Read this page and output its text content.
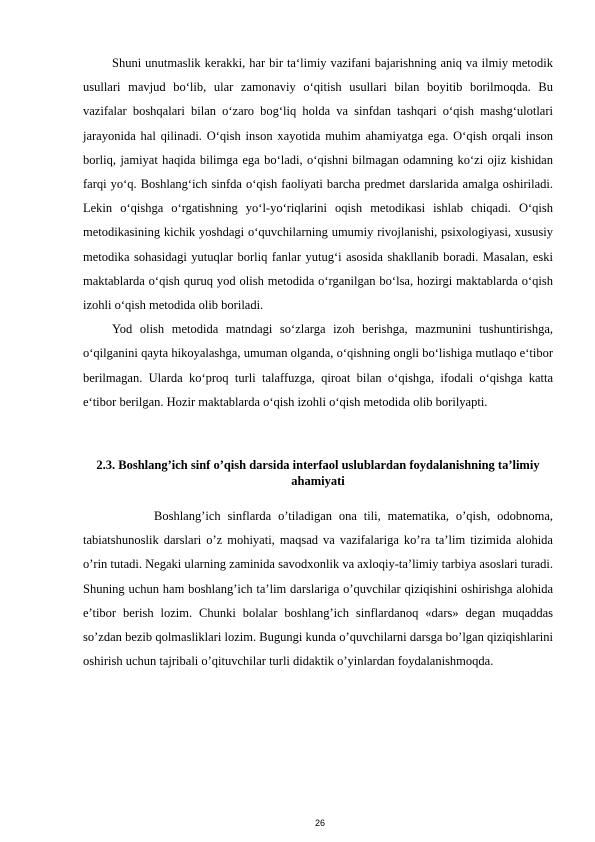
Shuni unutmaslik kerakki, har bir ta‘limiy vazifani bajarishning aniq va ilmiy metodik usullari mavjud bo‘lib, ular zamonaviy o‘qitish usullari bilan boyitib borilmoqda. Bu vazifalar boshqalari bilan o‘zaro bog‘liq holda va sinfdan tashqari o‘qish mashg‘ulotlari jarayonida hal qilinadi. O‘qish inson xayotida muhim ahamiyatga ega. O‘qish orqali inson borliq, jamiyat haqida bilimga ega bo‘ladi, o‘qishni bilmagan odamning ko‘zi ojiz kishidan farqi yo‘q. Boshlang‘ich sinfda o‘qish faoliyati barcha predmet darslarida amalga oshiriladi. Lekin o‘qishga o‘rgatishning yo‘l-yo‘riqlarini oqish metodikasi ishlab chiqadi. O‘qish metodikasining kichik yoshdagi o‘quvchilarning umumiy rivojlanishi, psixologiyasi, xususiy metodika sohasidagi yutuqlar borliq fanlar yutug‘i asosida shakllanib boradi. Masalan, eski maktablarda o‘qish quruq yod olish metodida o‘rganilgan bo‘lsa, hozirgi maktablarda o‘qish izohli o‘qish metodida olib boriladi.

Yod olish metodida matndagi so‘zlarga izoh berishga, mazmunini tushuntirishga, o‘qilganini qayta hikoyalashga, umuman olganda, o‘qishning ongli bo‘lishiga mutlaqo e‘tibor berilmagan. Ularda ko‘proq turli talaffuzga, qiroat bilan o‘qishga, ifodali o‘qishga katta e‘tibor berilgan. Hozir maktablarda o‘qish izohli o‘qish metodida olib borilyapti.

2.3. Boshlang’ich sinf o’qish darsida interfaol uslublardan foydalanishning ta’limiy ahamiyati

Boshlang’ich sinflarda o’tiladigan ona tili, matematika, o’qish, odobnoma, tabiatshunoslik darslari o’z mohiyati, maqsad va vazifalariga ko’ra ta’lim tizimida alohida o’rin tutadi. Negaki ularning zaminida savodxonlik va axloqiy-ta’limiy tarbiya asoslari turadi. Shuning uchun ham boshlang’ich ta’lim darslariga o’quvchilar qiziqishini oshirishga alohida e’tibor berish lozim. Chunki bolalar boshlang’ich sinflardanoq «dars» degan muqaddas so’zdan bezib qolmasliklari lozim. Bugungi kunda o’quvchilarni darsga bo’lgan qiziqishlarini oshirish uchun tajribali o’qituvchilar turli didaktik o’yinlardan foydalanishmoqda.

26
